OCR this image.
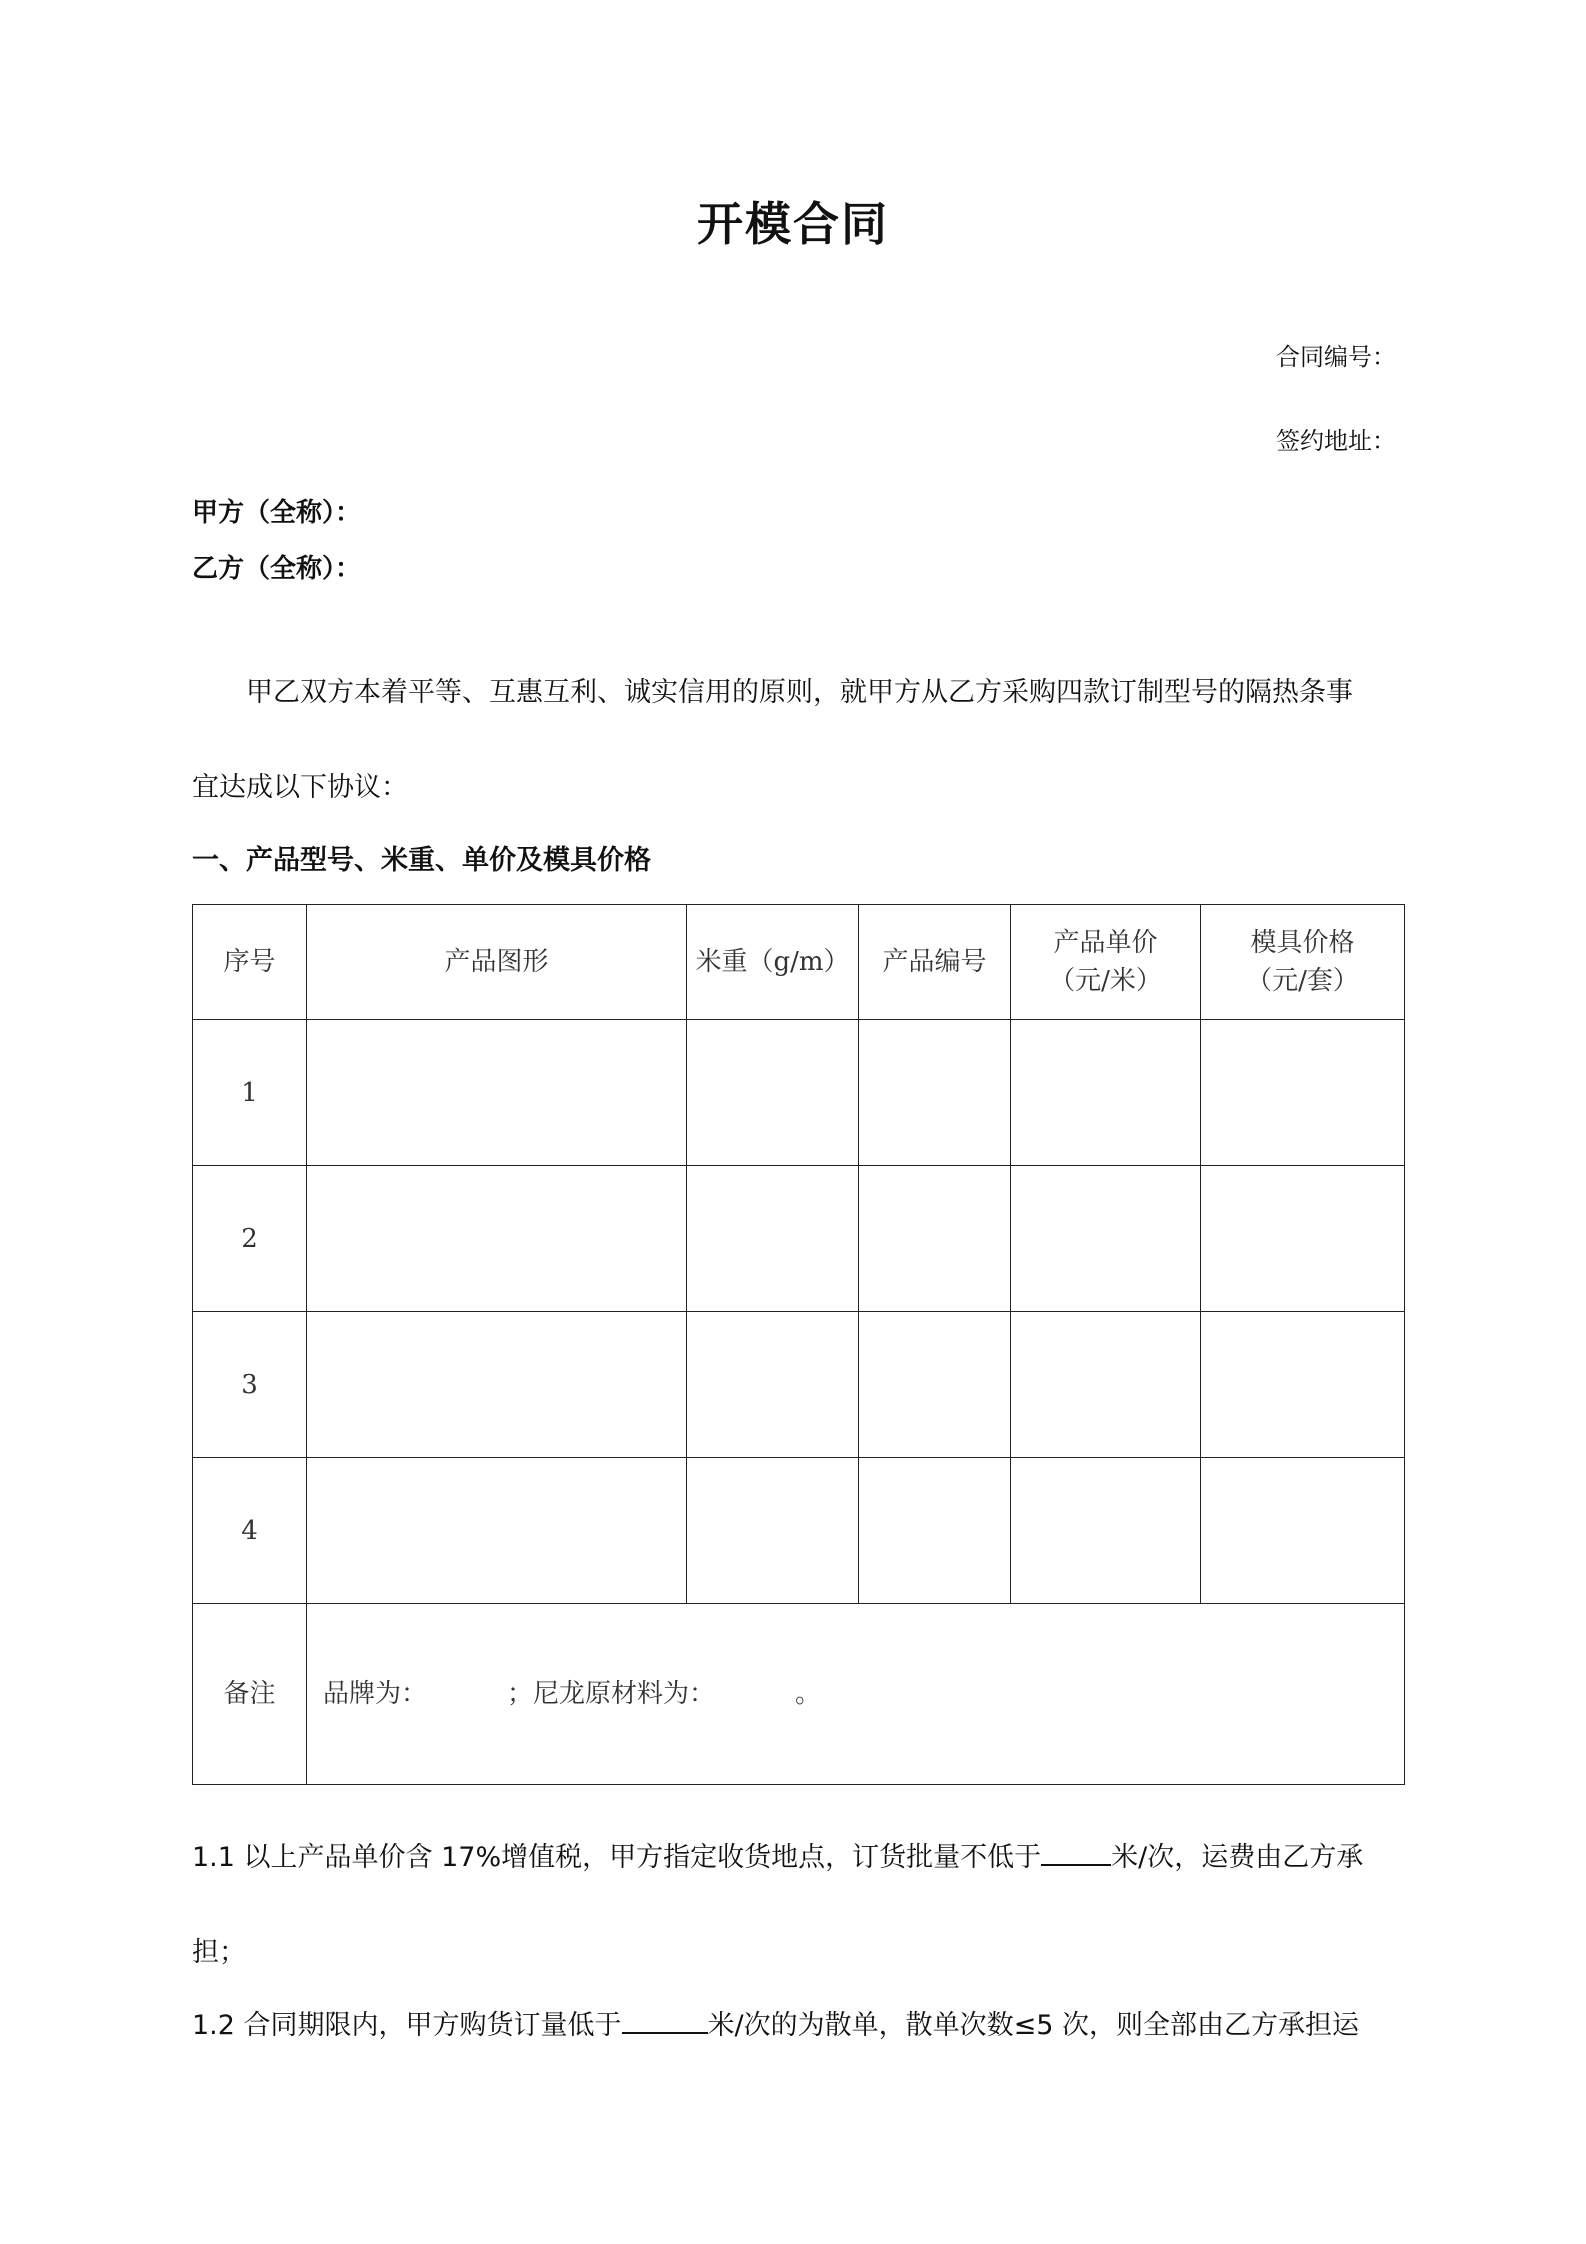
开模合同
合同编号：
签约地址：
甲方（全称）：
乙方（全称）：
甲乙双方本着平等、互惠互利、诚实信用的原则，就甲方从乙方采购四款订制型号的隔热条事
宜达成以下协议：
一、产品型号、米重、单价及模具价格
序号	产品图形	米重（g/m）	产品编号	产品单价（元/米）	模具价格（元/套）
1					
2					
3					
4					
备注	品牌为： ；尼龙原材料为： 。				
1.1 以上产品单价含 17%增值税，甲方指定收货地点，订货批量不低于	米/次，运费由乙方承
担；
1.2 合同期限内，甲方购货订量低于	米/次的为散单，散单次数≤5 次，则全部由乙方承担运
